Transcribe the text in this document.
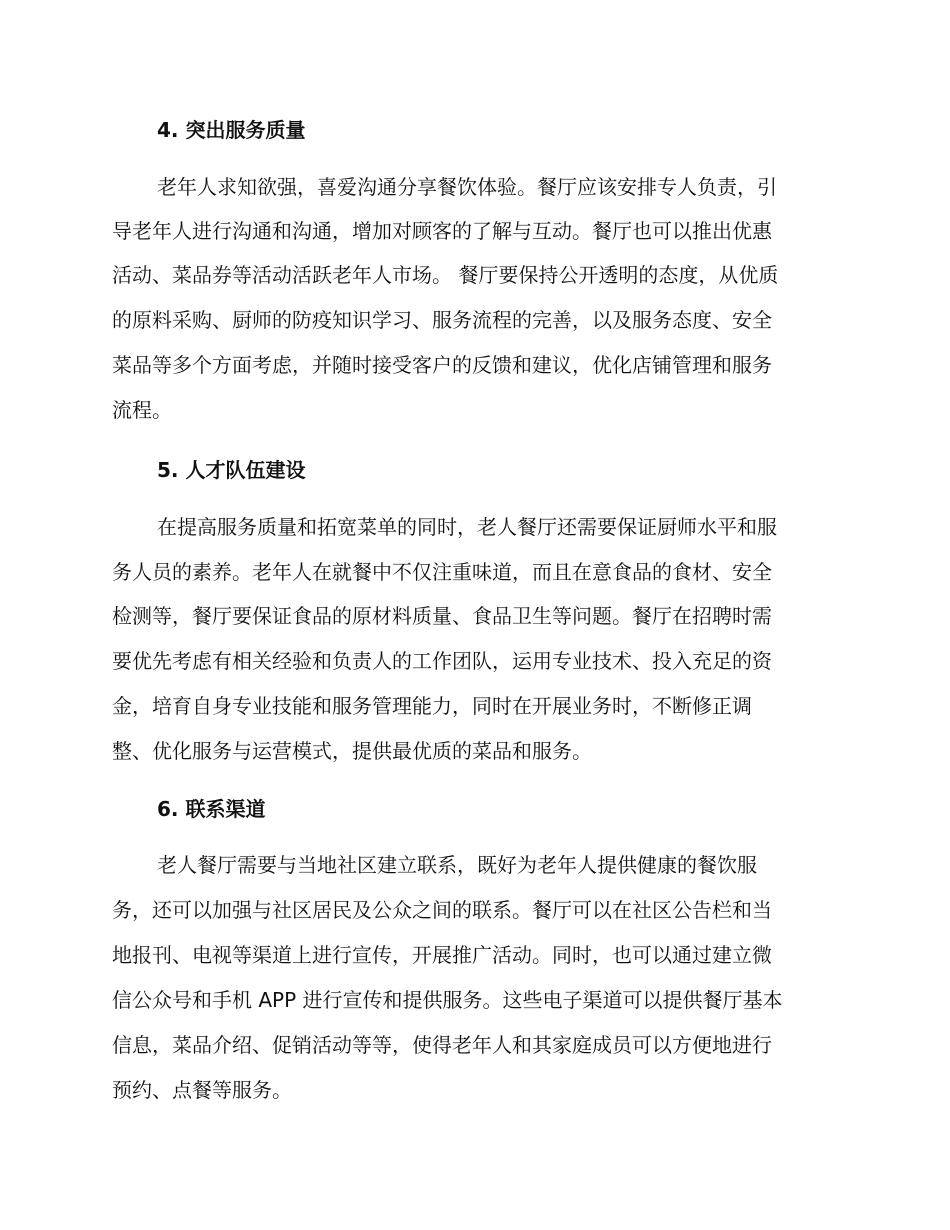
4. 突出服务质量

老年人求知欲强，喜爱沟通分享餐饮体验。餐厅应该安排专人负责，引

导老年人进行沟通和沟通，增加对顾客的了解与互动。餐厅也可以推出优惠

活动、菜品券等活动活跃老年人市场。 餐厅要保持公开透明的态度，从优质

的原料采购、厨师的防疫知识学习、服务流程的完善，以及服务态度、安全

菜品等多个方面考虑，并随时接受客户的反馈和建议，优化店铺管理和服务

流程。

5. 人才队伍建设

在提高服务质量和拓宽菜单的同时，老人餐厅还需要保证厨师水平和服

务人员的素养。老年人在就餐中不仅注重味道，而且在意食品的食材、安全

检测等，餐厅要保证食品的原材料质量、食品卫生等问题。餐厅在招聘时需

要优先考虑有相关经验和负责人的工作团队，运用专业技术、投入充足的资

金，培育自身专业技能和服务管理能力，同时在开展业务时，不断修正调

整、优化服务与运营模式，提供最优质的菜品和服务。

6. 联系渠道

老人餐厅需要与当地社区建立联系，既好为老年人提供健康的餐饮服

务，还可以加强与社区居民及公众之间的联系。餐厅可以在社区公告栏和当

地报刊、电视等渠道上进行宣传，开展推广活动。同时，也可以通过建立微

信公众号和手机 APP 进行宣传和提供服务。这些电子渠道可以提供餐厅基本

信息，菜品介绍、促销活动等等，使得老年人和其家庭成员可以方便地进行

预约、点餐等服务。
